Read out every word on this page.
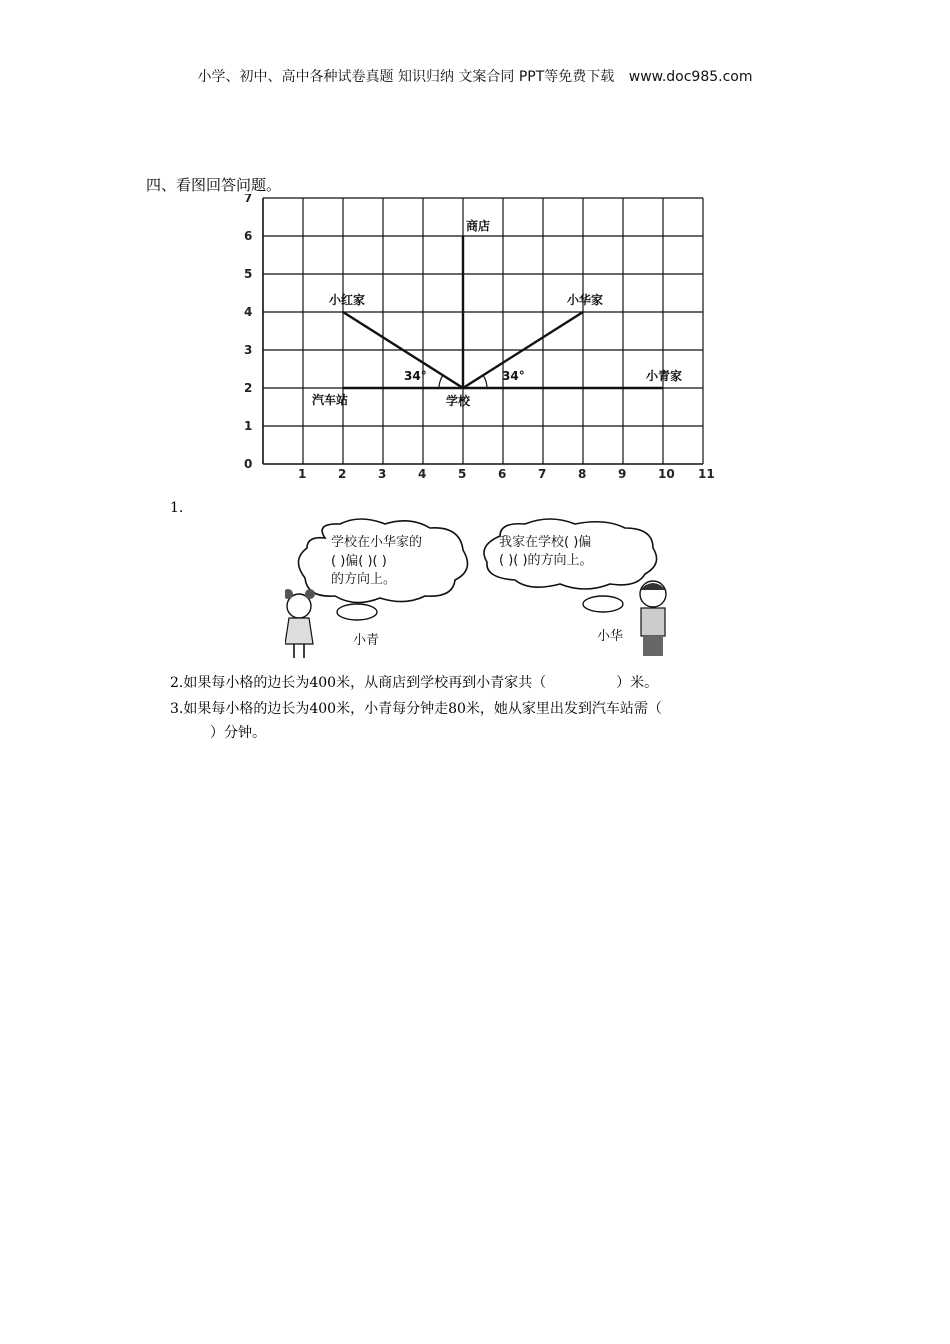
小学、初中、高中各种试卷真题 知识归纳 文案合同 PPT等免费下载 www.doc985.com
四、看图回答问题。
0
1
2
3
4
5
6
7
1	2	3	4	5	6	7	8	9	10 11
34°	34°
商店
小红家	小华家
小青家
汽车站	学校
1.
学校在小华家的
( )偏( )( )
的方向上。
我家在学校( )偏
( )( )的方向上。
小青	小华
2.如果每小格的边长为400米，从商店到学校再到小青家共（	）米。
3.如果每小格的边长为400米，小青每分钟走80米，她从家里出发到汽车站需（
）分钟。
